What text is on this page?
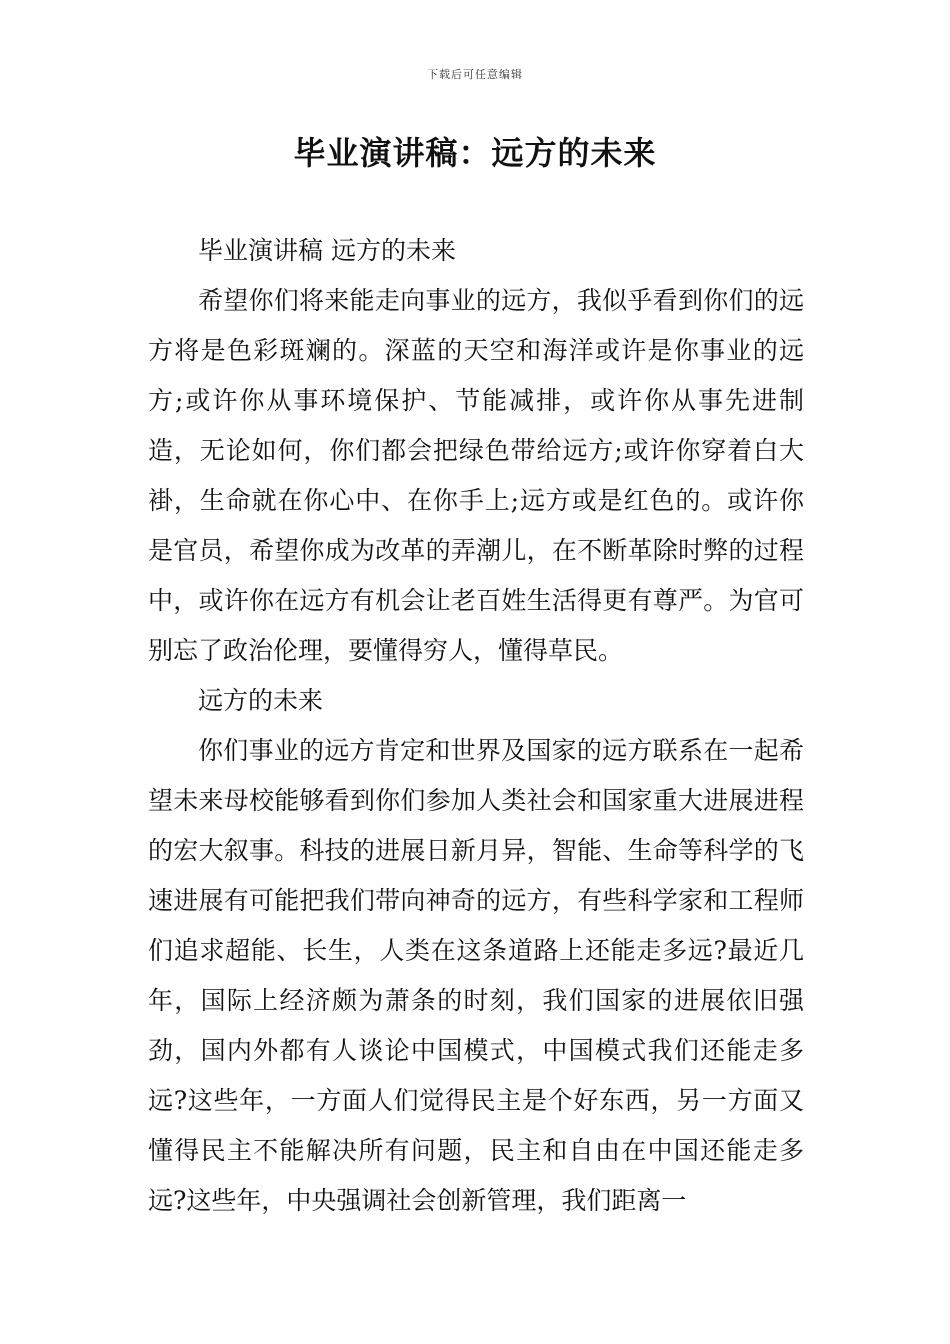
下载后可任意编辑
毕业演讲稿：远方的未来

毕业演讲稿 远方的未来

希望你们将来能走向事业的远方，我似乎看到你们的远方将是色彩斑斓的。深蓝的天空和海洋或许是你事业的远方;或许你从事环境保护、节能减排，或许你从事先进制造，无论如何，你们都会把绿色带给远方;或许你穿着白大褂，生命就在你心中、在你手上;远方或是红色的。或许你是官员，希望你成为改革的弄潮儿，在不断革除时弊的过程中，或许你在远方有机会让老百姓生活得更有尊严。为官可别忘了政治伦理，要懂得穷人，懂得草民。

远方的未来

你们事业的远方肯定和世界及国家的远方联系在一起希望未来母校能够看到你们参加人类社会和国家重大进展进程的宏大叙事。科技的进展日新月异，智能、生命等科学的飞速进展有可能把我们带向神奇的远方，有些科学家和工程师们追求超能、长生，人类在这条道路上还能走多远?最近几年，国际上经济颇为萧条的时刻，我们国家的进展依旧强劲，国内外都有人谈论中国模式，中国模式我们还能走多远?这些年，一方面人们觉得民主是个好东西，另一方面又懂得民主不能解决所有问题，民主和自由在中国还能走多远?这些年，中央强调社会创新管理，我们距离一
